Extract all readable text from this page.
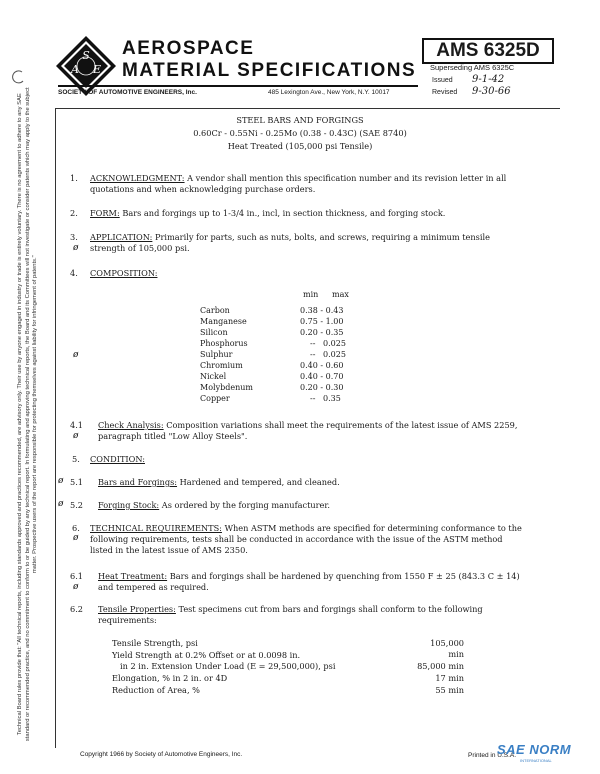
S
A E
AEROSPACE
MATERIAL SPECIFICATIONS
SOCIETY OF AUTOMOTIVE ENGINEERS, Inc.	485 Lexington Ave., New York, N.Y. 10017
AMS 6325D
Superseding AMS 6325C
Issued 9-1-42
Revised 9-30-66
Technical Board rules provide that: "All technical reports, including standards approved and practices recommended, are advisory only. Their use by anyone engaged in industry or trade is entirely voluntary. There is no agreement to adhere to any SAE standard or recommended practice, and no commitment to conform to or be guided by any technical report. In formulating and approving technical reports, the Board and its Committees will not investigate or consider patents which may apply to the subject matter. Prospective users of the report are responsible for protecting themselves against liability for infringement of patents."
STEEL BARS AND FORGINGS
0.60Cr - 0.55Ni - 0.25Mo (0.38 - 0.43C) (SAE 8740)
Heat Treated (105,000 psi Tensile)
1. ACKNOWLEDGMENT: A vendor shall mention this specification number and its revision letter in all
quotations and when acknowledging purchase orders.
2. FORM: Bars and forgings up to 1-3/4 in., incl, in section thickness, and forging stock.
3.
ø
APPLICATION: Primarily for parts, such as nuts, bolts, and screws, requiring a minimum tensile
strength of 105,000 psi.
4. COMPOSITION:
min max
Carbon	0.38 - 0.43
Manganese	0.75 - 1.00
Silicon	0.20 - 0.35
Phosphorus	--   0.025
Sulphur	--   0.025
Chromium	0.40 - 0.60
Nickel	0.40 - 0.70
Molybdenum	0.20 - 0.30
Copper	--   0.35
ø
4.1
ø
Check Analysis: Composition variations shall meet the requirements of the latest issue of AMS 2259,
paragraph titled "Low Alloy Steels".
5. CONDITION:
ø 5.1 Bars and Forgings: Hardened and tempered, and cleaned.
ø 5.2 Forging Stock: As ordered by the forging manufacturer.
6.
ø
TECHNICAL REQUIREMENTS: When ASTM methods are specified for determining conformance to the
following requirements, tests shall be conducted in accordance with the issue of the ASTM method
listed in the latest issue of AMS 2350.
6.1
ø
Heat Treatment: Bars and forgings shall be hardened by quenching from 1550 F ± 25 (843.3 C ± 14)
and tempered as required.
6.2 Tensile Properties: Test specimens cut from bars and forgings shall conform to the following
requirements:
Tensile Strength, psi	105,000 min
Yield Strength at 0.2% Offset or at 0.0098 in.
in 2 in. Extension Under Load (E = 29,500,000), psi	85,000 min
Elongation, % in 2 in. or 4D	17 min
Reduction of Area, %	55 min
Copyright 1966 by Society of Automotive Engineers, Inc.	Printed in U.S.A.
SAE NORM
INTERNATIONAL
